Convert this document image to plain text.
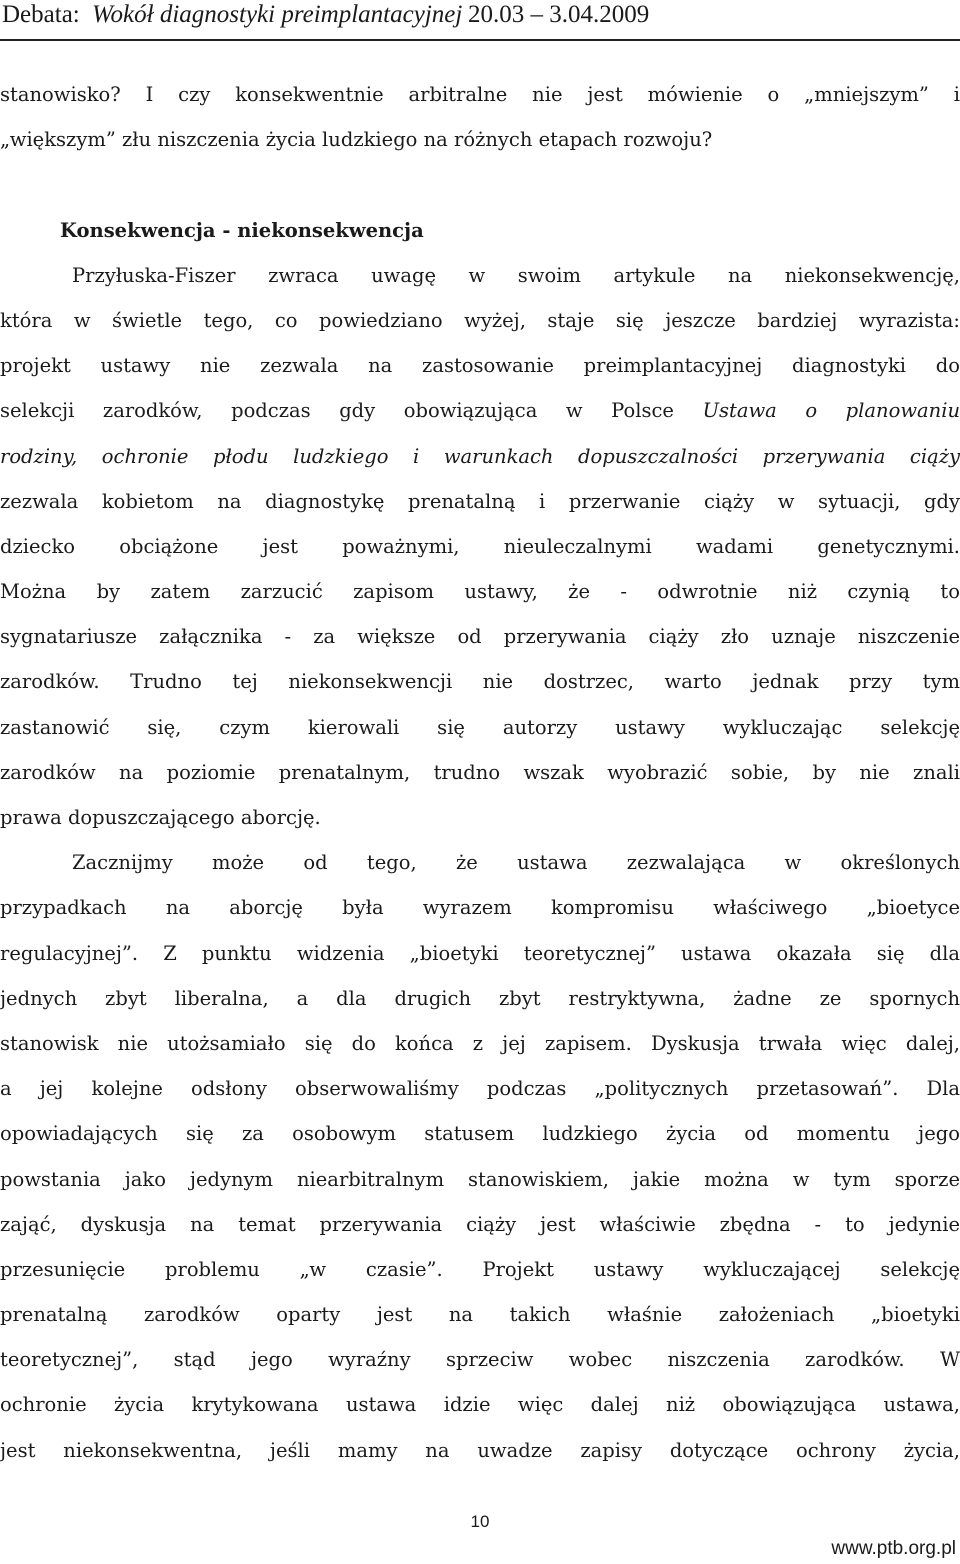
Debata: Wokół diagnostyki preimplantacyjnej 20.03 – 3.04.2009
stanowisko? I czy konsekwentnie arbitralne nie jest mówienie o „mniejszym” i
„większym” złu niszczenia życia ludzkiego na różnych etapach rozwoju?
Konsekwencja - niekonsekwencja
Przyłuska-Fiszer zwraca uwagę w swoim artykule na niekonsekwencję,
która w świetle tego, co powiedziano wyżej, staje się jeszcze bardziej wyrazista:
projekt ustawy nie zezwala na zastosowanie preimplantacyjnej diagnostyki do
selekcji zarodków, podczas gdy obowiązująca w Polsce Ustawa o planowaniu
rodziny, ochronie płodu ludzkiego i warunkach dopuszczalności przerywania ciąży
zezwala kobietom na diagnostykę prenatalną i przerwanie ciąży w sytuacji, gdy
dziecko obciążone jest poważnymi, nieuleczalnymi wadami genetycznymi.
Można by zatem zarzucić zapisom ustawy, że - odwrotnie niż czynią to
sygnatariusze załącznika - za większe od przerywania ciąży zło uznaje niszczenie
zarodków. Trudno tej niekonsekwencji nie dostrzec, warto jednak przy tym
zastanowić się, czym kierowali się autorzy ustawy wykluczając selekcję
zarodków na poziomie prenatalnym, trudno wszak wyobrazić sobie, by nie znali
prawa dopuszczającego aborcję.
Zacznijmy może od tego, że ustawa zezwalająca w określonych
przypadkach na aborcję była wyrazem kompromisu właściwego „bioetyce
regulacyjnej”. Z punktu widzenia „bioetyki teoretycznej” ustawa okazała się dla
jednych zbyt liberalna, a dla drugich zbyt restryktywna, żadne ze spornych
stanowisk nie utożsamiało się do końca z jej zapisem. Dyskusja trwała więc dalej,
a jej kolejne odsłony obserwowaliśmy podczas „politycznych przetasowań”. Dla
opowiadających się za osobowym statusem ludzkiego życia od momentu jego
powstania jako jedynym niearbitralnym stanowiskiem, jakie można w tym sporze
zająć, dyskusja na temat przerywania ciąży jest właściwie zbędna - to jedynie
przesunięcie problemu „w czasie”. Projekt ustawy wykluczającej selekcję
prenatalną zarodków oparty jest na takich właśnie założeniach „bioetyki
teoretycznej”, stąd jego wyraźny sprzeciw wobec niszczenia zarodków. W
ochronie życia krytykowana ustawa idzie więc dalej niż obowiązująca ustawa,
jest niekonsekwentna, jeśli mamy na uwadze zapisy dotyczące ochrony życia,
10
www.ptb.org.pl
